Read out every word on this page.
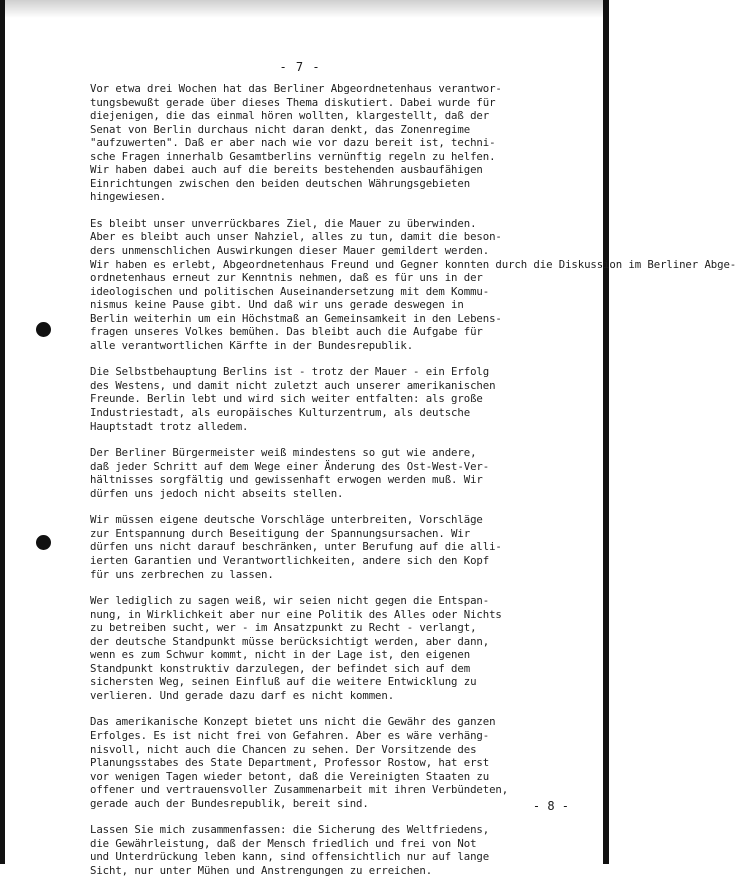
- 7 -
Vor etwa drei Wochen hat das Berliner Abgeordnetenhaus verantwor-
tungsbewußt gerade über dieses Thema diskutiert. Dabei wurde für
diejenigen, die das einmal hören wollten, klargestellt, daß der
Senat von Berlin durchaus nicht daran denkt, das Zonenregime
"aufzuwerten". Daß er aber nach wie vor dazu bereit ist, techni-
sche Fragen innerhalb Gesamtberlins vernünftig regeln zu helfen.
Wir haben dabei auch auf die bereits bestehenden ausbaufähigen
Einrichtungen zwischen den beiden deutschen Währungsgebieten
hingewiesen.
Es bleibt unser unverrückbares Ziel, die Mauer zu überwinden.
Aber es bleibt auch unser Nahziel, alles zu tun, damit die beson-
ders unmenschlichen Auswirkungen dieser Mauer gemildert werden.
Wir haben es erlebt, Abgeordnetenhaus Freund und Gegner konnten durch die Diskussion im Berliner Abge-
ordnetenhaus erneut zur Kenntnis nehmen, daß es für uns in der
ideologischen und politischen Auseinandersetzung mit dem Kommu-
nismus keine Pause gibt. Und daß wir uns gerade deswegen in
Berlin weiterhin um ein Höchstmaß an Gemeinsamkeit in den Lebens-
fragen unseres Volkes bemühen. Das bleibt auch die Aufgabe für
alle verantwortlichen Kärfte in der Bundesrepublik.
Die Selbstbehauptung Berlins ist - trotz der Mauer - ein Erfolg
des Westens, und damit nicht zuletzt auch unserer amerikanischen
Freunde. Berlin lebt und wird sich weiter entfalten: als große
Industriestadt, als europäisches Kulturzentrum, als deutsche
Hauptstadt trotz alledem.
Der Berliner Bürgermeister weiß mindestens so gut wie andere,
daß jeder Schritt auf dem Wege einer Änderung des Ost-West-Ver-
hältnisses sorgfältig und gewissenhaft erwogen werden muß. Wir
dürfen uns jedoch nicht abseits stellen.
Wir müssen eigene deutsche Vorschläge unterbreiten, Vorschläge
zur Entspannung durch Beseitigung der Spannungsursachen. Wir
dürfen uns nicht darauf beschränken, unter Berufung auf die alli-
ierten Garantien und Verantwortlichkeiten, andere sich den Kopf
für uns zerbrechen zu lassen.
Wer lediglich zu sagen weiß, wir seien nicht gegen die Entspan-
nung, in Wirklichkeit aber nur eine Politik des Alles oder Nichts
zu betreiben sucht, wer - im Ansatzpunkt zu Recht - verlangt,
der deutsche Standpunkt müsse berücksichtigt werden, aber dann,
wenn es zum Schwur kommt, nicht in der Lage ist, den eigenen
Standpunkt konstruktiv darzulegen, der befindet sich auf dem
sichersten Weg, seinen Einfluß auf die weitere Entwicklung zu
verlieren. Und gerade dazu darf es nicht kommen.
Das amerikanische Konzept bietet uns nicht die Gewähr des ganzen
Erfolges. Es ist nicht frei von Gefahren. Aber es wäre verhäng-
nisvoll, nicht auch die Chancen zu sehen. Der Vorsitzende des
Planungsstabes des State Department, Professor Rostow, hat erst
vor wenigen Tagen wieder betont, daß die Vereinigten Staaten zu
offener und vertrauensvoller Zusammenarbeit mit ihren Verbündeten,
gerade auch der Bundesrepublik, bereit sind.
Lassen Sie mich zusammenfassen: die Sicherung des Weltfriedens,
die Gewährleistung, daß der Mensch friedlich und frei von Not
und Unterdrückung leben kann, sind offensichtlich nur auf lange
Sicht, nur unter Mühen und Anstrengungen zu erreichen.
- 8 -
